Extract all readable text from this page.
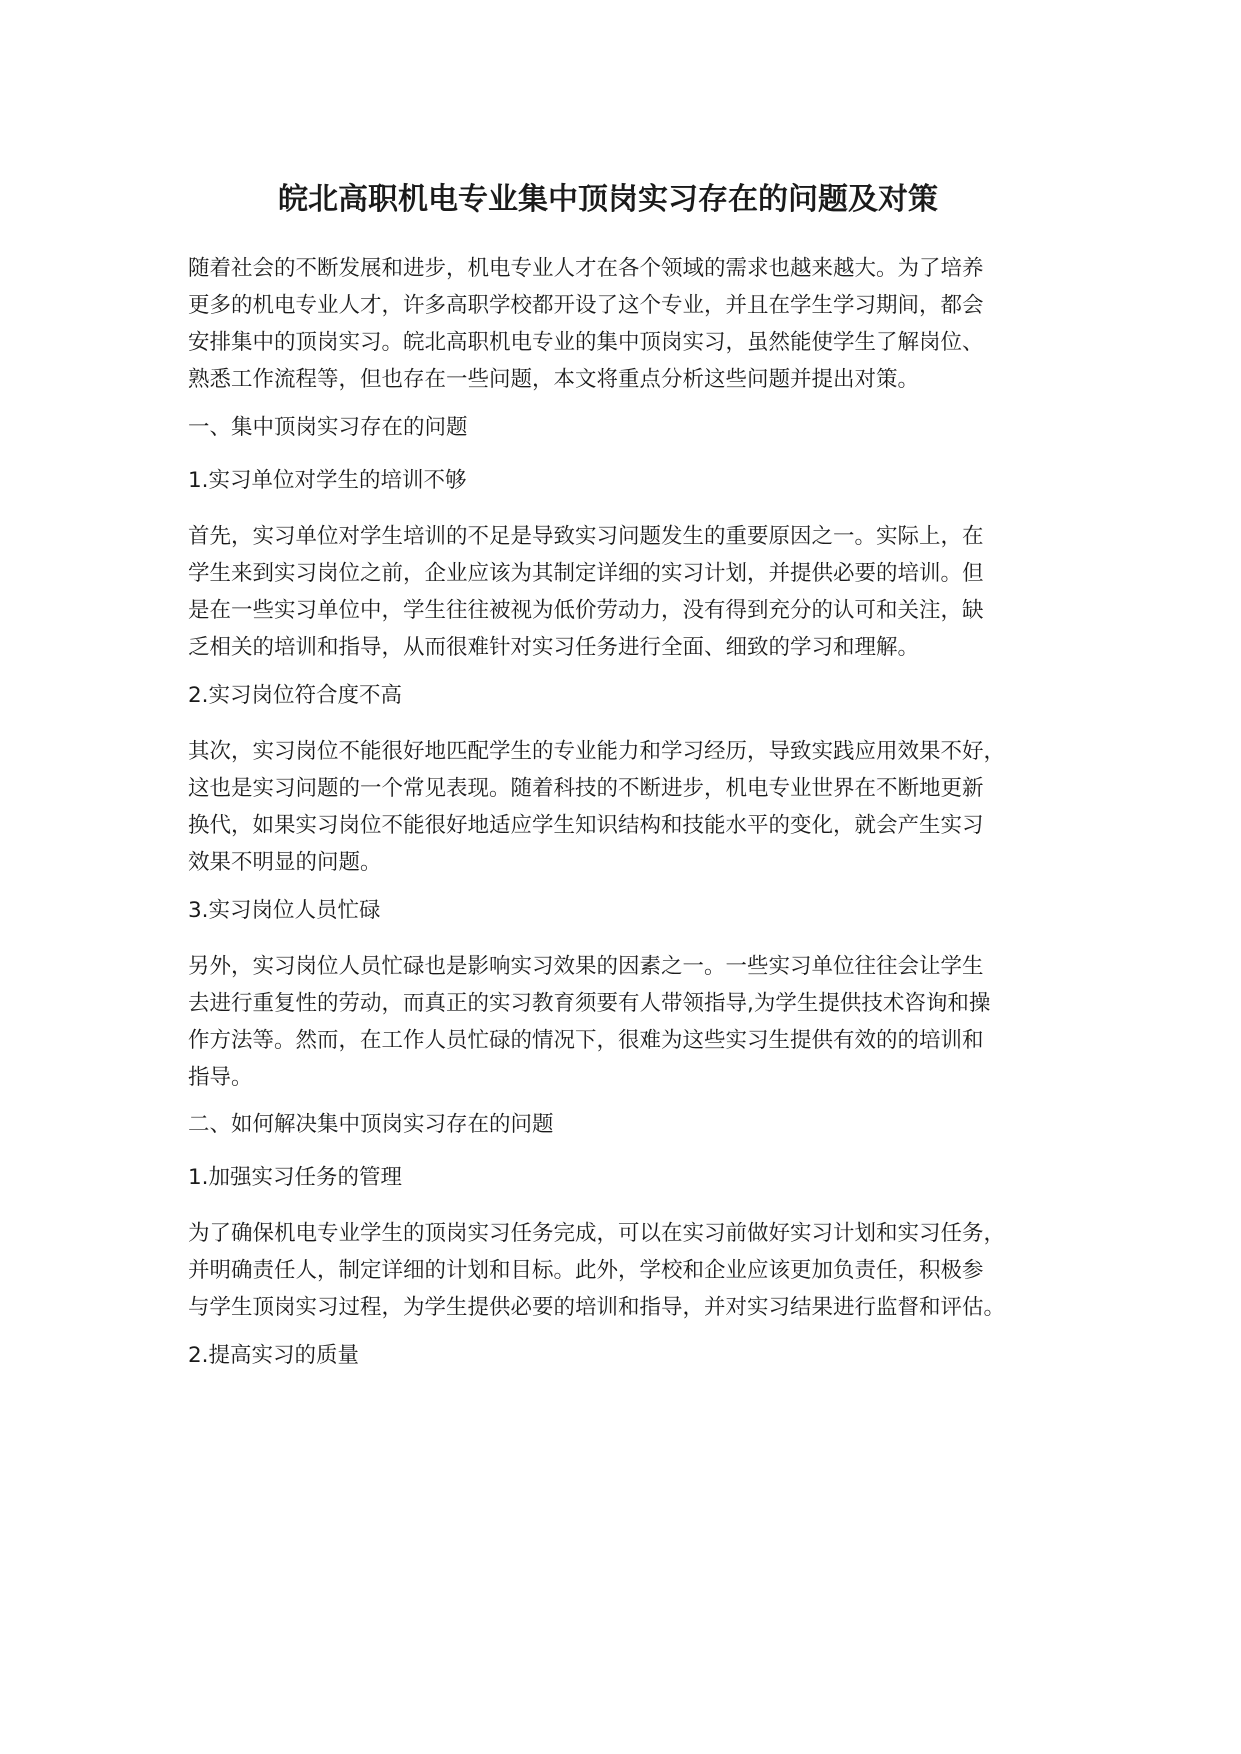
皖北高职机电专业集中顶岗实习存在的问题及对策
随着社会的不断发展和进步，机电专业人才在各个领域的需求也越来越大。为了培养
更多的机电专业人才，许多高职学校都开设了这个专业，并且在学生学习期间，都会
安排集中的顶岗实习。皖北高职机电专业的集中顶岗实习，虽然能使学生了解岗位、
熟悉工作流程等，但也存在一些问题，本文将重点分析这些问题并提出对策。
一、集中顶岗实习存在的问题
1.实习单位对学生的培训不够
首先，实习单位对学生培训的不足是导致实习问题发生的重要原因之一。实际上，在
学生来到实习岗位之前，企业应该为其制定详细的实习计划，并提供必要的培训。但
是在一些实习单位中，学生往往被视为低价劳动力，没有得到充分的认可和关注，缺
乏相关的培训和指导，从而很难针对实习任务进行全面、细致的学习和理解。
2.实习岗位符合度不高
其次，实习岗位不能很好地匹配学生的专业能力和学习经历，导致实践应用效果不好，
这也是实习问题的一个常见表现。随着科技的不断进步，机电专业世界在不断地更新
换代，如果实习岗位不能很好地适应学生知识结构和技能水平的变化，就会产生实习
效果不明显的问题。
3.实习岗位人员忙碌
另外，实习岗位人员忙碌也是影响实习效果的因素之一。一些实习单位往往会让学生
去进行重复性的劳动，而真正的实习教育须要有人带领指导,为学生提供技术咨询和操
作方法等。然而，在工作人员忙碌的情况下，很难为这些实习生提供有效的的培训和
指导。
二、如何解决集中顶岗实习存在的问题
1.加强实习任务的管理
为了确保机电专业学生的顶岗实习任务完成，可以在实习前做好实习计划和实习任务，
并明确责任人，制定详细的计划和目标。此外，学校和企业应该更加负责任，积极参
与学生顶岗实习过程，为学生提供必要的培训和指导，并对实习结果进行监督和评估。
2.提高实习的质量
